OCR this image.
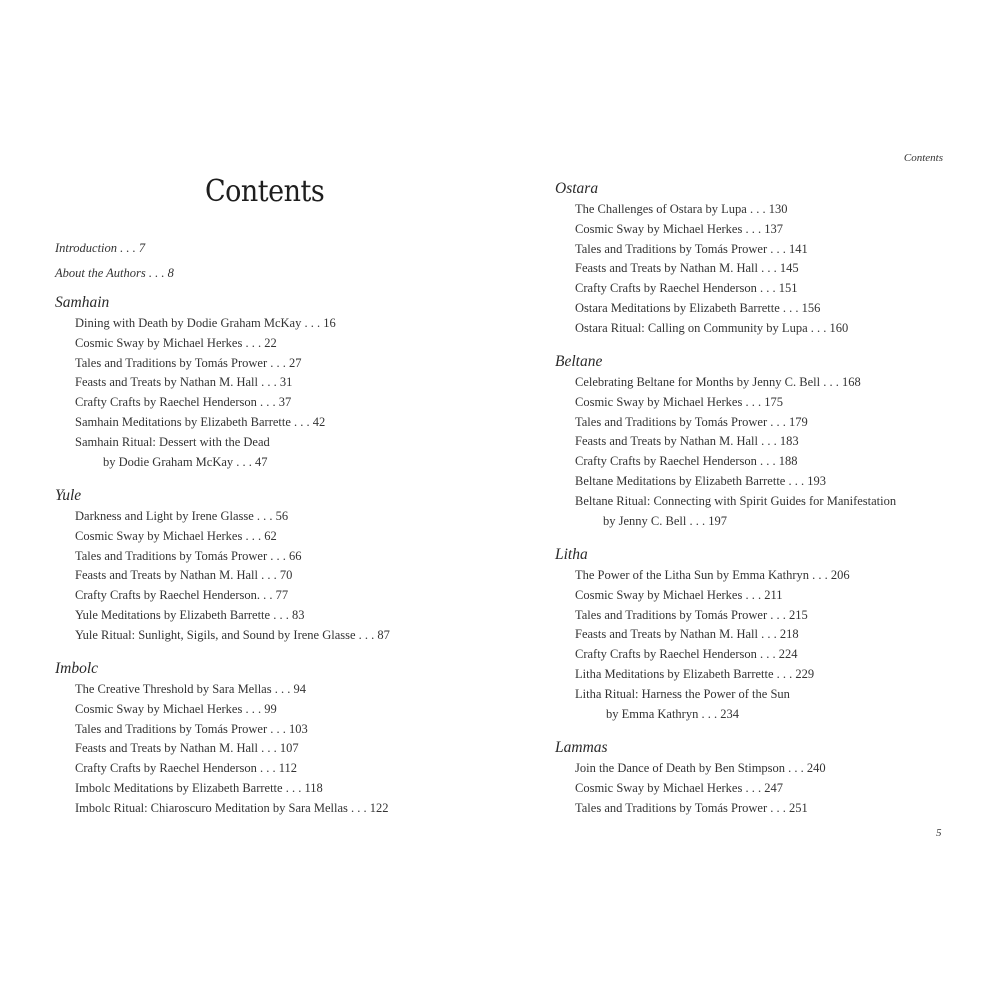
Contents
Introduction . . . 7
About the Authors . . . 8
Samhain
Dining with Death by Dodie Graham McKay . . . 16
Cosmic Sway by Michael Herkes . . . 22
Tales and Traditions by Tomás Prower . . . 27
Feasts and Treats by Nathan M. Hall . . . 31
Crafty Crafts by Raechel Henderson . . . 37
Samhain Meditations by Elizabeth Barrette . . . 42
Samhain Ritual: Dessert with the Dead
by Dodie Graham McKay . . . 47
Yule
Darkness and Light by Irene Glasse . . . 56
Cosmic Sway by Michael Herkes . . . 62
Tales and Traditions by Tomás Prower . . . 66
Feasts and Treats by Nathan M. Hall . . . 70
Crafty Crafts by Raechel Henderson. . . 77
Yule Meditations by Elizabeth Barrette . . . 83
Yule Ritual: Sunlight, Sigils, and Sound by Irene Glasse . . . 87
Imbolc
The Creative Threshold by Sara Mellas . . . 94
Cosmic Sway by Michael Herkes . . . 99
Tales and Traditions by Tomás Prower . . . 103
Feasts and Treats by Nathan M. Hall . . . 107
Crafty Crafts by Raechel Henderson . . . 112
Imbolc Meditations by Elizabeth Barrette . . . 118
Imbolc Ritual: Chiaroscuro Meditation by Sara Mellas . . . 122
Contents
Ostara
The Challenges of Ostara by Lupa . . . 130
Cosmic Sway by Michael Herkes . . . 137
Tales and Traditions by Tomás Prower . . . 141
Feasts and Treats by Nathan M. Hall . . . 145
Crafty Crafts by Raechel Henderson . . . 151
Ostara Meditations by Elizabeth Barrette . . . 156
Ostara Ritual: Calling on Community by Lupa . . . 160
Beltane
Celebrating Beltane for Months by Jenny C. Bell . . . 168
Cosmic Sway by Michael Herkes . . . 175
Tales and Traditions by Tomás Prower . . . 179
Feasts and Treats by Nathan M. Hall . . . 183
Crafty Crafts by Raechel Henderson . . . 188
Beltane Meditations by Elizabeth Barrette . . . 193
Beltane Ritual: Connecting with Spirit Guides for Manifestation
by Jenny C. Bell . . . 197
Litha
The Power of the Litha Sun by Emma Kathryn . . . 206
Cosmic Sway by Michael Herkes . . . 211
Tales and Traditions by Tomás Prower . . . 215
Feasts and Treats by Nathan M. Hall . . . 218
Crafty Crafts by Raechel Henderson . . . 224
Litha Meditations by Elizabeth Barrette . . . 229
Litha Ritual: Harness the Power of the Sun
by Emma Kathryn . . . 234
Lammas
Join the Dance of Death by Ben Stimpson . . . 240
Cosmic Sway by Michael Herkes . . . 247
Tales and Traditions by Tomás Prower . . . 251
5
